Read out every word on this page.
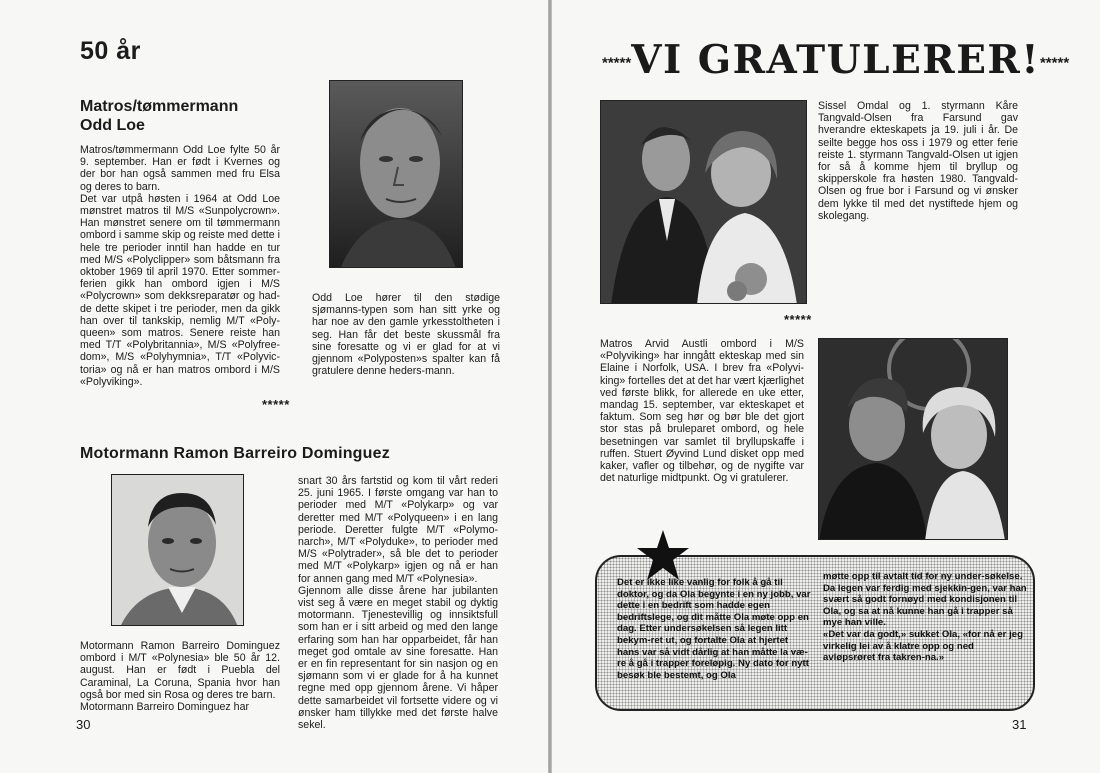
50 år
Matros/tømmermann
Odd Loe
Matros/tømmermann Odd Loe fylte 50 år 9. september. Han er født i Kvernes og der bor han også sammen med fru Elsa og deres to barn.
Det var utpå høsten i 1964 at Odd Loe mønstret matros til M/S «Sunpolycrown». Han mønstret senere om til tømmermann ombord i samme skip og reiste med dette i hele tre perioder inntil han hadde en tur med M/S «Polyclipper» som båtsmann fra oktober 1969 til april 1970. Etter sommer-ferien gikk han ombord igjen i M/S «Polycrown» som dekksreparatør og had-de dette skipet i tre perioder, men da gikk han over til tankskip, nemlig M/T «Poly-queen» som matros. Senere reiste han med T/T «Polybritannia», M/S «Polyfree-dom», M/S «Polyhymnia», T/T «Polyvic-toria» og nå er han matros ombord i M/S «Polyviking».
Odd Loe hører til den stødige sjømanns-typen som han sitt yrke og har noe av den gamle yrkesstoltheten i seg. Han får det beste skussmål fra sine foresatte og vi er glad for at vi gjennom «Polyposten»s spalter kan få gratulere denne heders-mann.
*****
Motormann Ramon Barreiro Dominguez
Motormann Ramon Barreiro Dominguez ombord i M/T «Polynesia» ble 50 år 12. august. Han er født i Puebla del Caraminal, La Coruna, Spania hvor han også bor med sin Rosa og deres tre barn.
Motormann Barreiro Dominguez har
snart 30 års fartstid og kom til vårt rederi 25. juni 1965. I første omgang var han to perioder med M/T «Polykarp» og var deretter med M/T «Polyqueen» i en lang periode. Deretter fulgte M/T «Polymo-narch», M/T «Polyduke», to perioder med M/S «Polytrader», så ble det to perioder med M/T «Polykarp» igjen og nå er han for annen gang med M/T «Polynesia».
Gjennom alle disse årene har jubilanten vist seg å være en meget stabil og dyktig motormann. Tjenestevillig og innsiktsfull som han er i sitt arbeid og med den lange erfaring som han har opparbeidet, får han meget god omtale av sine foresatte. Han er en fin representant for sin nasjon og en sjømann som vi er glade for å ha kunnet regne med opp gjennom årene. Vi håper dette samarbeidet vil fortsette videre og vi ønsker ham tillykke med det første halve sekel.
30
*****VI GRATULERER!*****
Sissel Omdal og 1. styrmann Kåre Tangvald-Olsen fra Farsund gav hverandre ekteskapets ja 19. juli i år. De seilte begge hos oss i 1979 og etter ferie reiste 1. styrmann Tangvald-Olsen ut igjen for så å komme hjem til bryllup og skipperskole fra høsten 1980. Tangvald-Olsen og frue bor i Farsund og vi ønsker dem lykke til med det nystiftede hjem og skolegang.
*****
Matros Arvid Austli ombord i M/S «Polyviking» har inngått ekteskap med sin Elaine i Norfolk, USA. I brev fra «Polyvi-king» fortelles det at det har vært kjærlighet ved første blikk, for allerede en uke etter, mandag 15. september, var ekteskapet et faktum. Som seg hør og bør ble det gjort stor stas på bruleparet ombord, og hele besetningen var samlet til bryllupskaffe i ruffen. Stuert Øyvind Lund disket opp med kaker, vafler og tilbehør, og de nygifte var det naturlige midtpunkt. Og vi gratulerer.
Det er ikke like vanlig for folk å gå til doktor, og da Ola begynte i en ny jobb, var dette i en bedrift som hadde egen bedriftslege, og dit måtte Ola møte opp en dag. Etter undersøkelsen så legen litt bekym-ret ut, og fortalte Ola at hjertet hans var så vidt dårlig at han måtte la væ-re å gå i trapper foreløpig. Ny dato for nytt besøk ble bestemt, og Ola
møtte opp til avtalt tid for ny under-søkelse.
Da legen var ferdig med sjekkin-gen, var han svært så godt fornøyd med kondisjonen til Ola, og sa at nå kunne han gå i trapper så mye han ville.
«Det var da godt,» sukket Ola, «for nå er jeg virkelig lei av å klatre opp og ned avløpsrøret fra takren-na.»
31
